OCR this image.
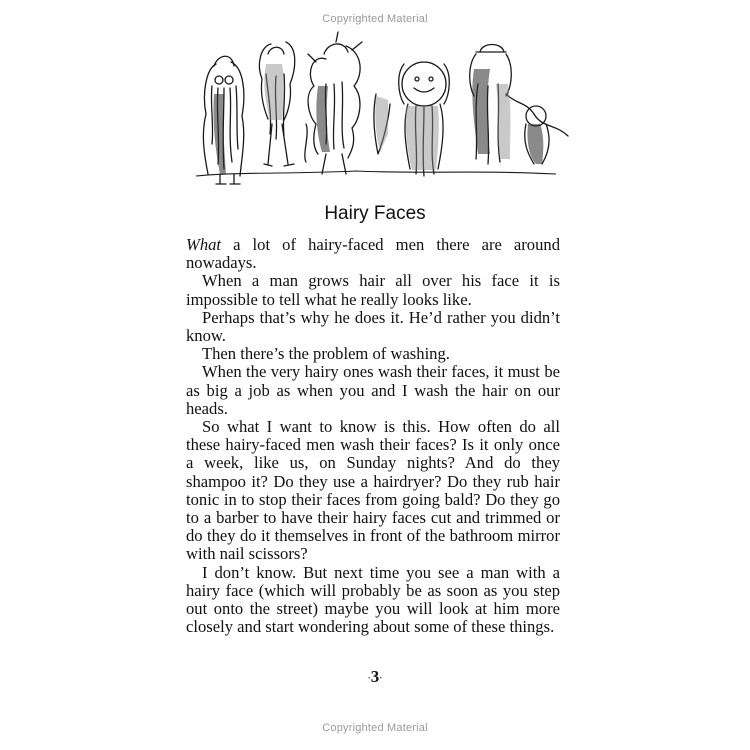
Copyrighted Material
Hairy Faces

What a lot of hairy-faced men there are around nowadays.

When a man grows hair all over his face it is impossible to tell what he really looks like.

Perhaps that’s why he does it. He’d rather you didn’t know.

Then there’s the problem of washing.

When the very hairy ones wash their faces, it must be as big a job as when you and I wash the hair on our heads.

So what I want to know is this. How often do all these hairy-faced men wash their faces? Is it only once a week, like us, on Sunday nights? And do they shampoo it? Do they use a hairdryer? Do they rub hair tonic in to stop their faces from going bald? Do they go to a barber to have their hairy faces cut and trimmed or do they do it themselves in front of the bathroom mirror with nail scissors?

I don’t know. But next time you see a man with a hairy face (which will probably be as soon as you step out onto the street) maybe you will look at him more closely and start wondering about some of these things.

·3·
Copyrighted Material
